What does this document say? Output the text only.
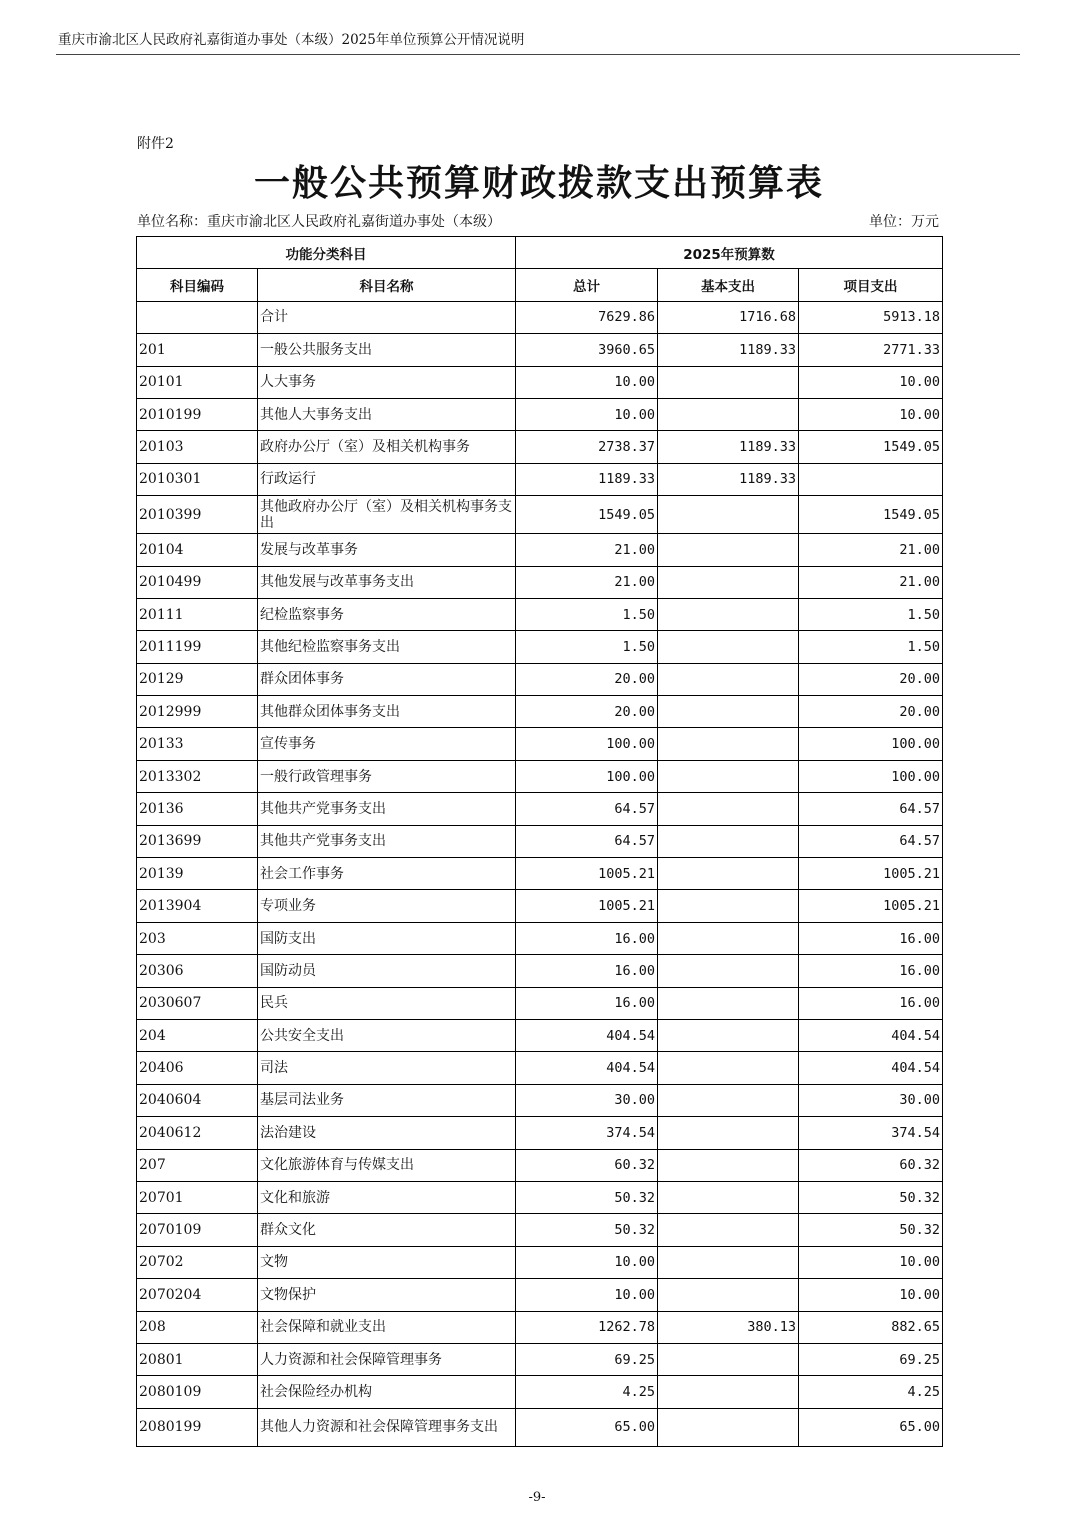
重庆市渝北区人民政府礼嘉街道办事处（本级）2025年单位预算公开情况说明
附件2
一般公共预算财政拨款支出预算表
单位名称：重庆市渝北区人民政府礼嘉街道办事处（本级）	单位：万元
功能分类科目		2025年预算数		
科目编码	科目名称	总计	基本支出	项目支出
	合计	7629.86	1716.68	5913.18
201	一般公共服务支出	3960.65	1189.33	2771.33
20101	人大事务	10.00		10.00
2010199	其他人大事务支出	10.00		10.00
20103	政府办公厅（室）及相关机构事务	2738.37	1189.33	1549.05
2010301	行政运行	1189.33	1189.33	
2010399	其他政府办公厅（室）及相关机构事务支出	1549.05		1549.05
20104	发展与改革事务	21.00		21.00
2010499	其他发展与改革事务支出	21.00		21.00
20111	纪检监察事务	1.50		1.50
2011199	其他纪检监察事务支出	1.50		1.50
20129	群众团体事务	20.00		20.00
2012999	其他群众团体事务支出	20.00		20.00
20133	宣传事务	100.00		100.00
2013302	一般行政管理事务	100.00		100.00
20136	其他共产党事务支出	64.57		64.57
2013699	其他共产党事务支出	64.57		64.57
20139	社会工作事务	1005.21		1005.21
2013904	专项业务	1005.21		1005.21
203	国防支出	16.00		16.00
20306	国防动员	16.00		16.00
2030607	民兵	16.00		16.00
204	公共安全支出	404.54		404.54
20406	司法	404.54		404.54
2040604	基层司法业务	30.00		30.00
2040612	法治建设	374.54		374.54
207	文化旅游体育与传媒支出	60.32		60.32
20701	文化和旅游	50.32		50.32
2070109	群众文化	50.32		50.32
20702	文物	10.00		10.00
2070204	文物保护	10.00		10.00
208	社会保障和就业支出	1262.78	380.13	882.65
20801	人力资源和社会保障管理事务	69.25		69.25
2080109	社会保险经办机构	4.25		4.25
2080199	其他人力资源和社会保障管理事务支出	65.00		65.00
-9-
